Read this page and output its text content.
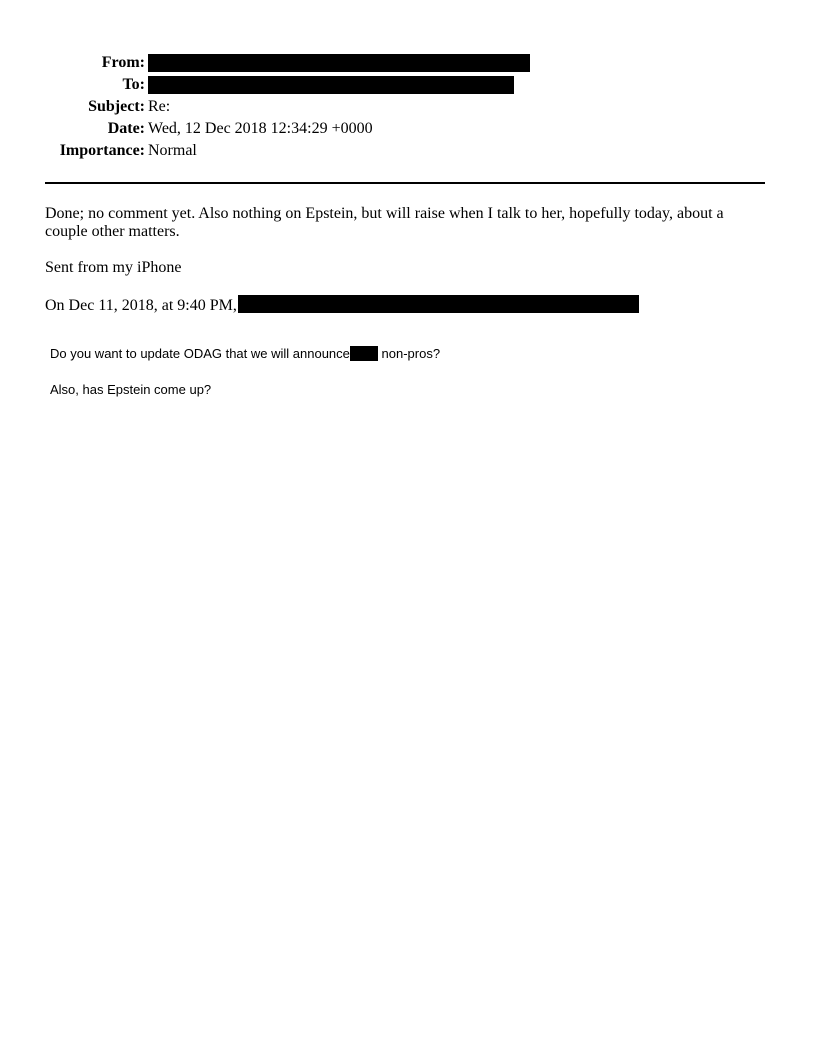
From:	
To:	
Subject:	Re:
Date:	Wed, 12 Dec 2018 12:34:29 +0000
Importance:	Normal

Done; no comment yet. Also nothing on Epstein, but will raise when I talk to her, hopefully today, about a couple other matters.

Sent from my iPhone

On Dec 11, 2018, at 9:40 PM,

Do you want to update ODAG that we will announce non-pros?

Also, has Epstein come up?
